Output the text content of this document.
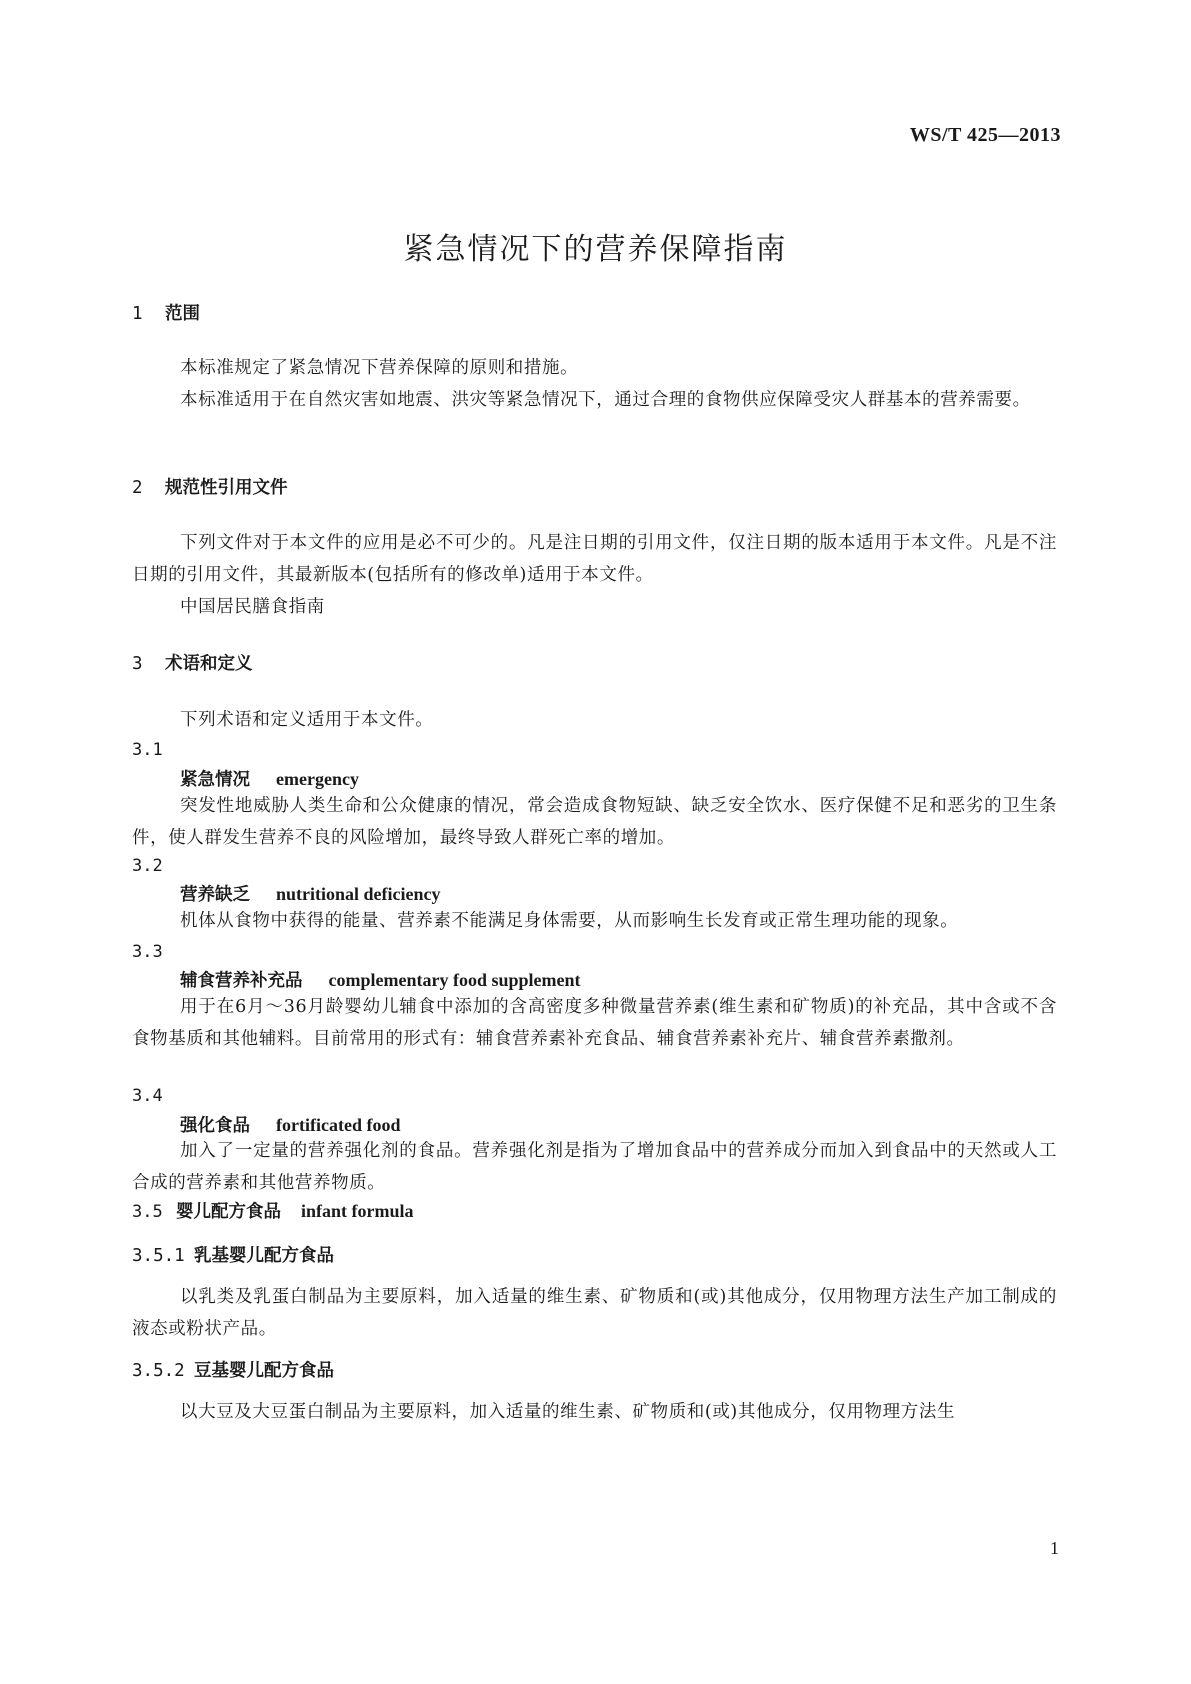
WS/T 425—2013
紧急情况下的营养保障指南
1 范围
本标准规定了紧急情况下营养保障的原则和措施。
本标准适用于在自然灾害如地震、洪灾等紧急情况下，通过合理的食物供应保障受灾人群基本的营养需要。
2 规范性引用文件
下列文件对于本文件的应用是必不可少的。凡是注日期的引用文件，仅注日期的版本适用于本文件。凡是不注日期的引用文件，其最新版本(包括所有的修改单)适用于本文件。
中国居民膳食指南
3 术语和定义
下列术语和定义适用于本文件。
3.1
紧急情况 emergency
突发性地威胁人类生命和公众健康的情况，常会造成食物短缺、缺乏安全饮水、医疗保健不足和恶劣的卫生条件，使人群发生营养不良的风险增加，最终导致人群死亡率的增加。
3.2
营养缺乏 nutritional deficiency
机体从食物中获得的能量、营养素不能满足身体需要，从而影响生长发育或正常生理功能的现象。
3.3
辅食营养补充品 complementary food supplement
用于在6月～36月龄婴幼儿辅食中添加的含高密度多种微量营养素(维生素和矿物质)的补充品，其中含或不含食物基质和其他辅料。目前常用的形式有：辅食营养素补充食品、辅食营养素补充片、辅食营养素撒剂。
3.4
强化食品 fortificated food
加入了一定量的营养强化剂的食品。营养强化剂是指为了增加食品中的营养成分而加入到食品中的天然或人工合成的营养素和其他营养物质。
3.5 婴儿配方食品 infant formula
3.5.1 乳基婴儿配方食品
以乳类及乳蛋白制品为主要原料，加入适量的维生素、矿物质和(或)其他成分，仅用物理方法生产加工制成的液态或粉状产品。
3.5.2 豆基婴儿配方食品
以大豆及大豆蛋白制品为主要原料，加入适量的维生素、矿物质和(或)其他成分，仅用物理方法生
1
